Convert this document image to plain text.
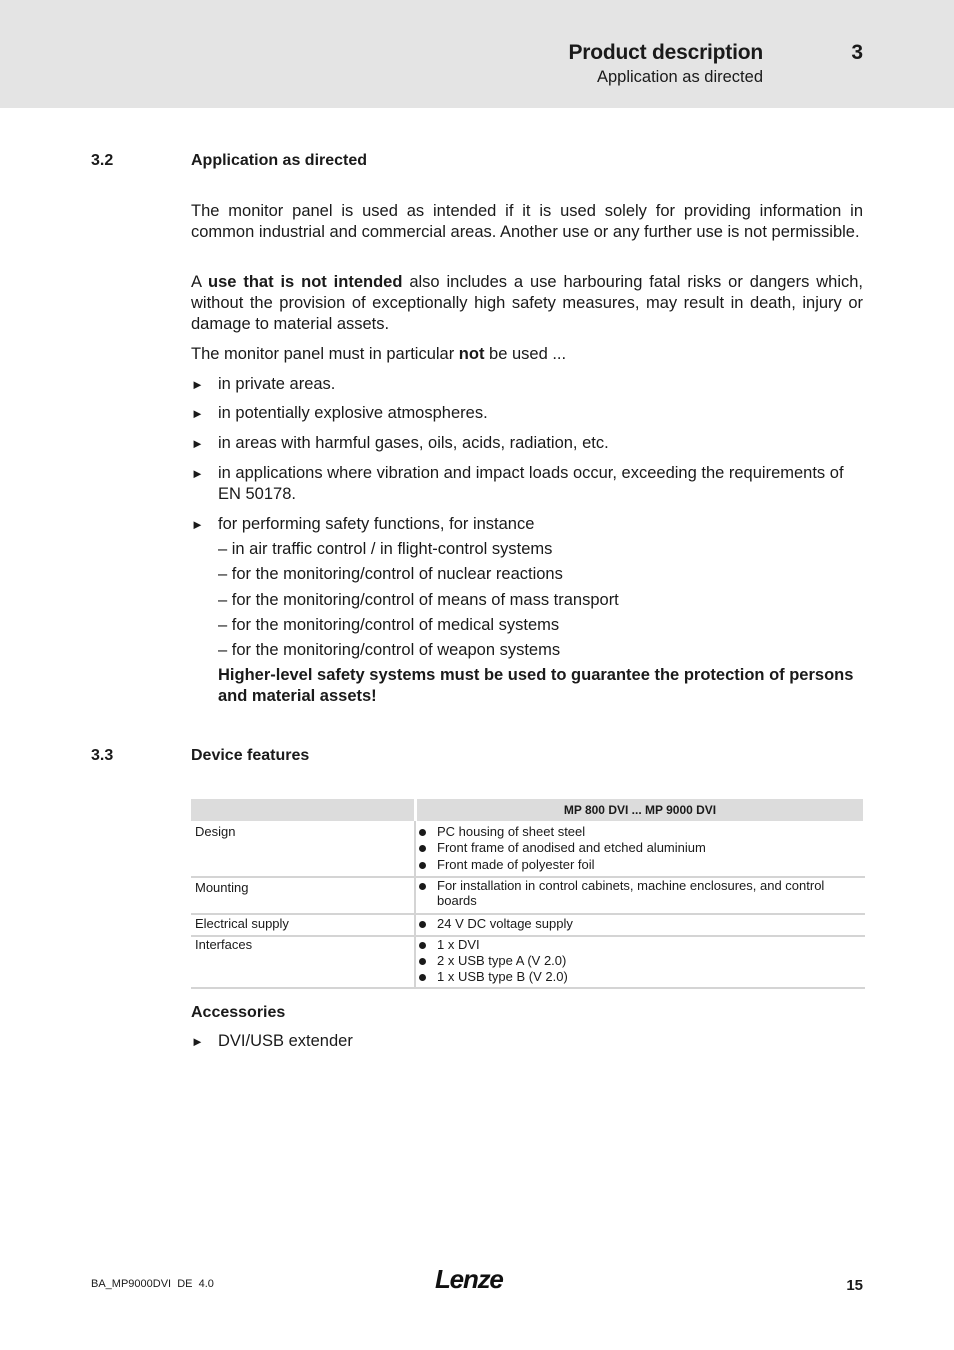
Product description
Application as directed
3
3.2	Application as directed

The monitor panel is used as intended if it is used solely for providing information in common industrial and commercial areas. Another use or any further use is not permissible.

A use that is not intended also includes a use harbouring fatal risks or dangers which, without the provision of exceptionally high safety measures, may result in death, injury or damage to material assets.

The monitor panel must in particular not be used ...

► in private areas.
► in potentially explosive atmospheres.
► in areas with harmful gases, oils, acids, radiation, etc.
► in applications where vibration and impact loads occur, exceeding the requirements of EN 50178.
► for performing safety functions, for instance
– in air traffic control / in flight-control systems
– for the monitoring/control of nuclear reactions
– for the monitoring/control of means of mass transport
– for the monitoring/control of medical systems
– for the monitoring/control of weapon systems
Higher-level safety systems must be used to guarantee the protection of persons and material assets!
3.3	Device features
MP 800 DVI ... MP 9000 DVI
Design	PC housing of sheet steel
Front frame of anodised and etched aluminium
Front made of polyester foil
Mounting	For installation in control cabinets, machine enclosures, and control boards
Electrical supply	24 V DC voltage supply
Interfaces	1 x DVI
2 x USB type A (V 2.0)
1 x USB type B (V 2.0)
Accessories
► DVI/USB extender
BA_MP9000DVI  DE  4.0	Lenze	15
